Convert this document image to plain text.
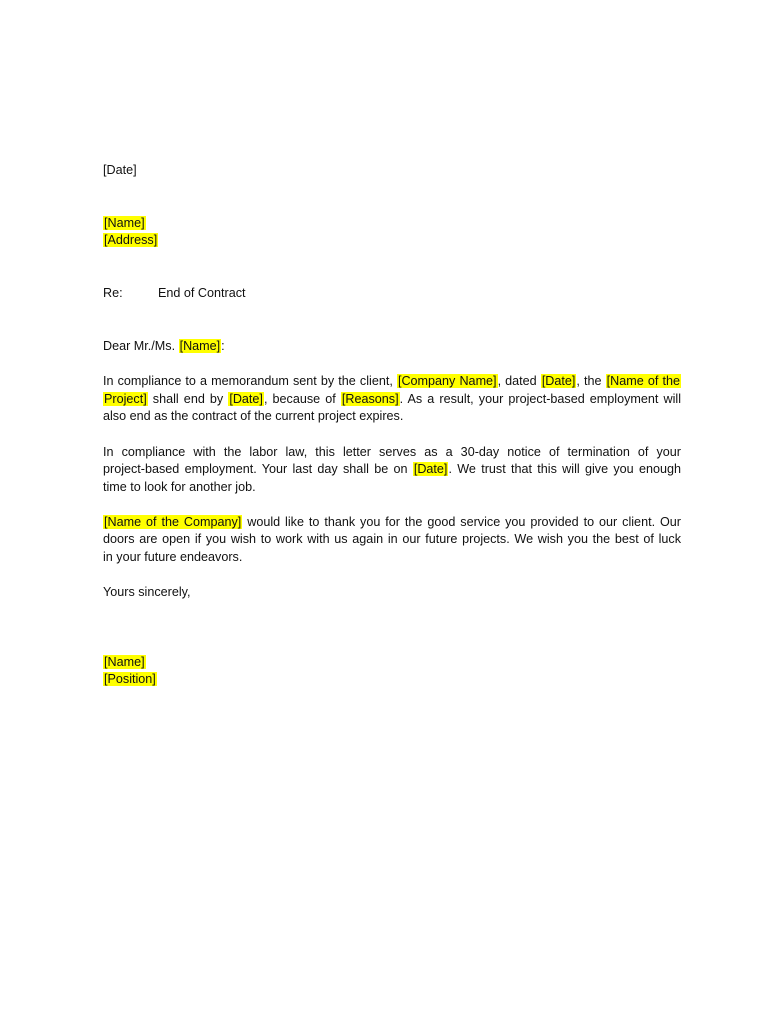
[Date]
[Name]
[Address]
Re:	End of Contract
Dear Mr./Ms. [Name]:
In compliance to a memorandum sent by the client, [Company Name], dated [Date], the [Name of the
Project] shall end by [Date], because of [Reasons]. As a result, your project-based employment will
also end as the contract of the current project expires.
In compliance with the labor law, this letter serves as a 30-day notice of termination of your
project-based employment. Your last day shall be on [Date]. We trust that this will give you enough
time to look for another job.
[Name of the Company] would like to thank you for the good service you provided to our client. Our
doors are open if you wish to work with us again in our future projects. We wish you the best of luck
in your future endeavors.
Yours sincerely,
[Name]
[Position]
